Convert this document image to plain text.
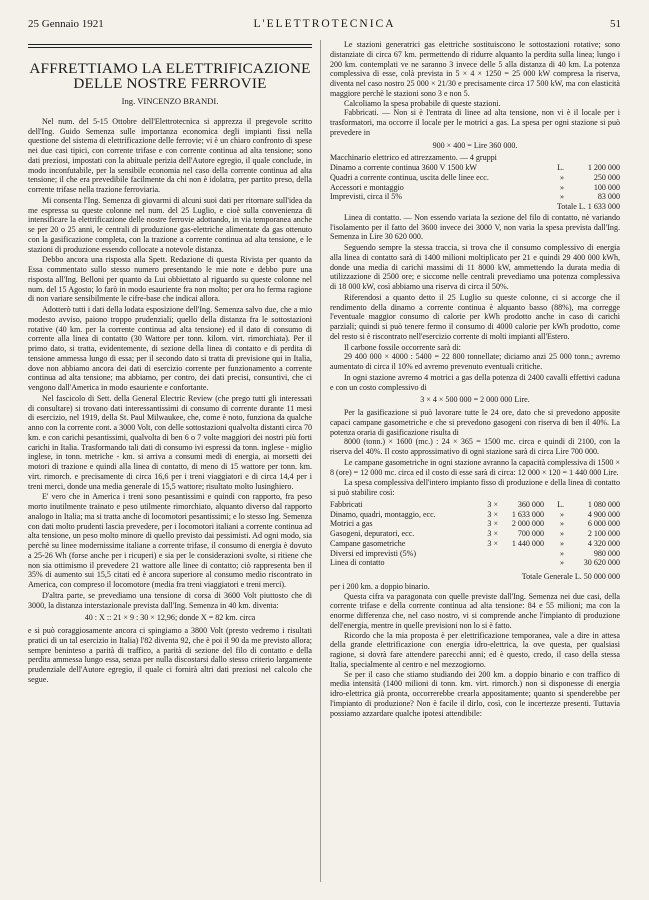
25 Gennaio 1921	L'ELETTROTECNICA	51
AFFRETTIAMO LA ELETTRIFICAZIONE
DELLE NOSTRE FERROVIE
Ing. VINCENZO BRANDI.

Nel num. del 5-15 Ottobre dell'Elettrotecnica si apprezza il pregevole scritto dell'Ing. Guido Semenza sulle importanza economica degli impianti fissi nella questione del sistema di elettrificazione delle ferrovie; vi è un chiaro confronto di spese nei due casi tipici, con corrente trifase e con corrente continua ad alta tensione; sono dati preziosi, impostati con la abituale perizia dell'Autore egregio, il quale conclude, in modo inconfutabile, per la sensibile economia nel caso della corrente continua ad alta tensione; il che era prevedibile facilmente da chi non è idolatra, per partito preso, della corrente trifase nella trazione ferroviaria.

Mi consenta l'Ing. Semenza di giovarmi di alcuni suoi dati per ritornare sull'idea da me espressa su queste colonne nel num. del 25 Luglio, e cioè sulla convenienza di intensificare la elettrificazione delle nostre ferrovie adottando, in via temporanea anche se per 20 o 25 anni, le centrali di produzione gas-elettriche alimentate da gas ottenuto con la gasificazione completa, con la trazione a corrente continua ad alta tensione, e le stazioni di produzione essendo collocate a notevole distanza.

Debbo ancora una risposta alla Spett. Redazione di questa Rivista per quanto da Essa commentato sullo stesso numero presentando le mie note e debbo pure una risposta all'Ing. Belloni per quanto da Lui obbiettato al riguardo su queste colonne nel num. del 15 Agosto; lo farò in modo esauriente fra non molto; per ora ho ferma ragione di non variare sensibilmente le cifre-base che indicai allora.

Adotterò tutti i dati della lodata esposizione dell'Ing. Semenza salvo due, che a mio modesto avviso, paiono troppo prudenziali; quello della distanza fra le sottostazioni rotative (40 km. per la corrente continua ad alta tensione) ed il dato di consumo di corrente alla linea di contatto (30 Wattore per tonn. kilom. virt. rimorchiata). Per il primo dato, si tratta, evidentemente, di sezione della linea di contatto e di perdita di tensione ammessa lungo di essa; per il secondo dato si tratta di previsione qui in Italia, dove non abbiamo ancora dei dati di esercizio corrente per funzionamento a corrente continua ad alta tensione; ma abbiamo, per contro, dei dati precisi, consuntivi, che ci vengono dall'America in modo esauriente e confortante.

Nel fascicolo di Sett. della General Electric Review (che prego tutti gli interessati di consultare) si trovano dati interessantissimi di consumo di corrente durante 11 mesi di esercizio, nel 1919, della St. Paul Milwaukee, che, come è noto, funziona da qualche anno con la corrente cont. a 3000 Volt, con delle sottostazioni qualvolta distanti circa 70 km. e con carichi pesantissimi, qualvolta di ben 6 o 7 volte maggiori dei nostri più forti carichi in Italia. Trasformando tali dati di consumo ivi espressi da tonn. inglese - miglio inglese, in tonn. metriche - km. si arriva a consumi medi di energia, ai morsetti dei motori di trazione e quindi alla linea di contatto, di meno di 15 wattore per tonn. km. virt. rimorch. e precisamente di circa 16,6 per i treni viaggiatori e di circa 14,4 per i treni merci, donde una media generale di 15,5 wattore; risultato molto lusinghiero.

E' vero che in America i treni sono pesantissimi e quindi con rapporto, fra peso morto inutilmente trainato e peso utilmente rimorchiato, alquanto diverso dal rapporto analogo in Italia; ma si tratta anche di locomotori pesantissimi; e lo stesso Ing. Semenza con dati molto prudenti lascia prevedere, per i locomotori italiani a corrente continua ad alta tensione, un peso molto minore di quello previsto dai pessimisti. Ad ogni modo, sia perchè su linee modernissime italiane a corrente trifase, il consumo di energia è dovuto a 25-26 Wh (forse anche per i ricuperi) e sia per le considerazioni svolte, si ritiene che non sia ottimismo il prevedere 21 wattore alle linee di contatto; ciò rappresenta ben il 35% di aumento sui 15,5 citati ed è ancora superiore al consumo medio riscontrato in America, con compreso il locomotore (media fra treni viaggiatori e treni merci).

D'altra parte, se prevediamo una tensione di corsa di 3600 Volt piuttosto che di 3000, la distanza interstazionale prevista dall'Ing. Semenza in 40 km. diventa:

40 : X :: 21 × 9 : 30 × 12,96; donde X = 82 km. circa

e si può coraggiosamente ancora ci spingiamo a 3800 Volt (presto vedremo i risultati pratici di un tal esercizio in Italia) l'82 diventa 92, che è poi il 90 da me previsto allora; sempre beninteso a parità di traffico, a parità di sezione del filo di contatto e della perdita ammessa lungo essa, senza per nulla discostarsi dallo stesso criterio largamente prudenziale dell'Autore egregio, il quale ci fornirà altri dati preziosi nel calcolo che segue.

Le stazioni generatrici gas elettriche sostituiscono le sottostazioni rotative; sono distanziate di circa 67 km. permettendo di ridurre alquanto la perdita sulla linea; lungo i 200 km. contemplati ve ne saranno 3 invece delle 5 alla distanza di 40 km. La potenza complessiva di esse, colà prevista in 5 × 4 × 1250 = 25 000 kW compresa la riserva, diventa nel caso nostro 25 000 × 21/30 e precisamente circa 17 500 kW, ma con elasticità maggiore perchè le stazioni sono 3 e non 5.

Calcoliamo la spesa probabile di queste stazioni.

Fabbricati. — Non si è l'entrata di linee ad alta tensione, non vi è il locale per i trasformatori, ma occorre il locale per le motrici a gas. La spesa per ogni stazione si può prevedere in

900 × 400 = Lire 360 000.

Macchinario elettrico ed attrezzamento. — 4 gruppi

Dinamo a corrente continua 3600 V 1500 kW	L.	1 200 000
Quadri a corrente continua, uscita delle linee ecc.	»	250 000
Accessori e montaggio	»	100 000
Imprevisti, circa il 5%	»	83 000
Totale L. 1 633 000		

Linea di contatto. — Non essendo variata la sezione del filo di contatto, nè variando l'isolamento per il fatto del 3600 invece dei 3000 V, non varia la spesa prevista dall'Ing. Semenza in Lire 30 620 000.

Seguendo sempre la stessa traccia, si trova che il consumo complessivo di energia alla linea di contatto sarà di 1400 milioni moltiplicato per 21 e quindi 29 400 000 kWh, donde una media di carichi massimi di 11 8000 kW, ammettendo la durata media di utilizzazione di 2500 ore; e siccome nelle centrali prevediamo una potenza complessiva di 18 000 kW, così abbiamo una riserva di circa il 50%.

Riferendosi a quanto detto il 25 Luglio su queste colonne, ci si accorge che il rendimento della dinamo a corrente continua è alquanto basso (88%), ma corregge l'eventuale maggior consumo di calorie per kWh prodotto anche in caso di carichi parziali; quindi si può tenere fermo il consumo di 4000 calorie per kWh prodotto, come del resto si è riscontrato nell'esercizio corrente di molti impianti all'Estero.

Il carbone fossile occorrente sarà di:

29 400 000 × 4000 : 5400 = 22 800 tonnellate; diciamo anzi 25 000 tonn.; avremo aumentato di circa il 10% ed avremo prevenuto eventuali critiche.

In ogni stazione avremo 4 motrici a gas della potenza di 2400 cavalli effettivi caduna e con un costo complessivo di

3 × 4 × 500 000 = 2 000 000 Lire.

Per la gasificazione si può lavorare tutte le 24 ore, dato che si prevedono apposite capaci campane gasometriche e che si prevedono gasogeni con riserva di ben il 40%. La potenza oraria di gasificazione risulta di

8000 (tonn.) × 1600 (mc.) : 24 × 365 = 1500 mc. circa e quindi di 2100, con la riserva del 40%. Il costo approssimativo di ogni stazione sarà di circa Lire 700 000.

Le campane gasometriche in ogni stazione avranno la capacità complessiva di 1500 × 8 (ore) = 12 000 mc. circa ed il costo di esse sarà di circa: 12 000 × 120 = 1 440 000 Lire.

La spesa complessiva dell'intero impianto fisso di produzione e della linea di contatto si può stabilire così:

Fabbricati	3 ×	360 000	L.	1 080 000
Dinamo, quadri, montaggio, ecc.	3 ×	1 633 000	»	4 900 000
Motrici a gas	3 ×	2 000 000	»	6 000 000
Gasogeni, depuratori, ecc.	3 ×	700 000	»	2 100 000
Campane gasometriche	3 ×	1 440 000	»	4 320 000
Diversi ed imprevisti (5%)			»	980 000
Linea di contatto			»	30 620 000
Totale Generale L. 50 000 000				

per i 200 km. a doppio binario.

Questa cifra va paragonata con quelle previste dall'Ing. Semenza nei due casi, della corrente trifase e della corrente continua ad alta tensione: 84 e 55 milioni; ma con la enorme differenza che, nel caso nostro, vi si comprende anche l'impianto di produzione dell'energia, mentre in quelle previsioni non lo si è fatto.

Ricordo che la mia proposta è per elettrificazione temporanea, vale a dire in attesa della grande elettrificazione con energia idro-elettrica, la ove questa, per qualsiasi ragione, si dovrà fare attendere parecchi anni; ed è questo, credo, il caso della stessa Italia, specialmente al centro e nel mezzogiorno.

Se per il caso che stiamo studiando dei 200 km. a doppio binario e con traffico di media intensità (1400 milioni di tonn. km. virt. rimorch.) non si disponesse di energia idro-elettrica già pronta, occorrerebbe crearla appositamente; quanto si spenderebbe per l'impianto di produzione? Non è facile il dirlo, così, con le incertezze presenti. Tuttavia possiamo azzardare qualche ipotesi attendibile:
